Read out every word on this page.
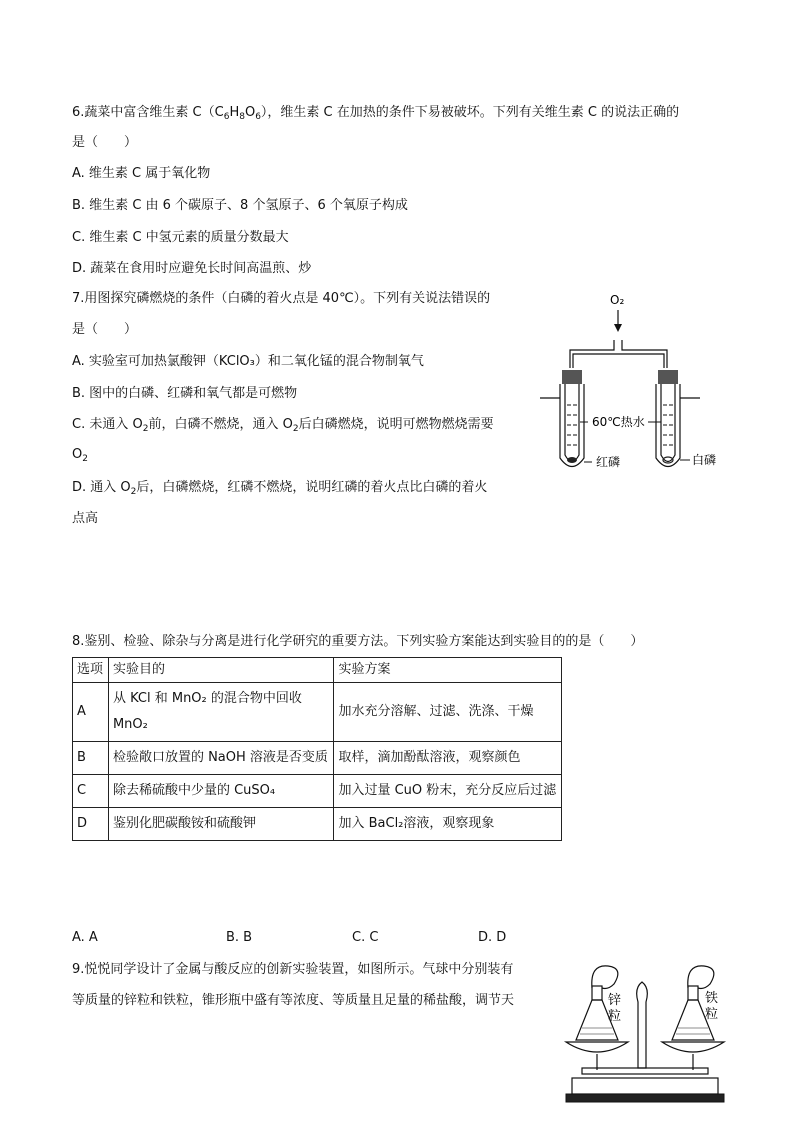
6.蔬菜中富含维生素 $C(C_6H_8O_6)$，维生素 C 在加热的条件下易被破坏。下列有关维生素 C 的说法正确的
是（　　）
A. 维生素 C 属于氧化物
B. 维生素 C 由 6 个碳原子、8 个氢原子、6 个氧原子构成
C. 维生素 C 中氢元素的质量分数最大
D. 蔬菜在食用时应避免长时间高温煎、炒
7.用图探究磷燃烧的条件（白磷的着火点是 40℃）。下列有关说法错误的
是（　　）
A. 实验室可加热氯酸钾（KClO₃）和二氧化锰的混合物制氧气
B. 图中的白磷、红磷和氧气都是可燃物
C. 未通入 $O_2$前，白磷不燃烧，通入 $O_2$后白磷燃烧，说明可燃物燃烧需要
$O_2$
D. 通入 $O_2$后，白磷燃烧，红磷不燃烧，说明红磷的着火点比白磷的着火
点高
O₂
60℃热水
红磷	白磷
8.鉴别、检验、除杂与分离是进行化学研究的重要方法。下列实验方案能达到实验目的的是（　　）
选项	实验目的	实验方案
A	从 KCl 和 MnO₂ 的混合物中回收 MnO₂	加水充分溶解、过滤、洗涤、干燥
B	检验敞口放置的 NaOH 溶液是否变质	取样，滴加酚酞溶液，观察颜色
C	除去稀硫酸中少量的 CuSO₄	加入过量 CuO 粉末，充分反应后过滤
D	鉴别化肥碳酸铵和硫酸钾	加入 BaCl₂溶液，观察现象
A. A	B. B	C. C	D. D
9.悦悦同学设计了金属与酸反应的创新实验装置，如图所示。气球中分别装有
等质量的锌粒和铁粒，锥形瓶中盛有等浓度、等质量且足量的稀盐酸，调节天	锌
粒
铁
粒
